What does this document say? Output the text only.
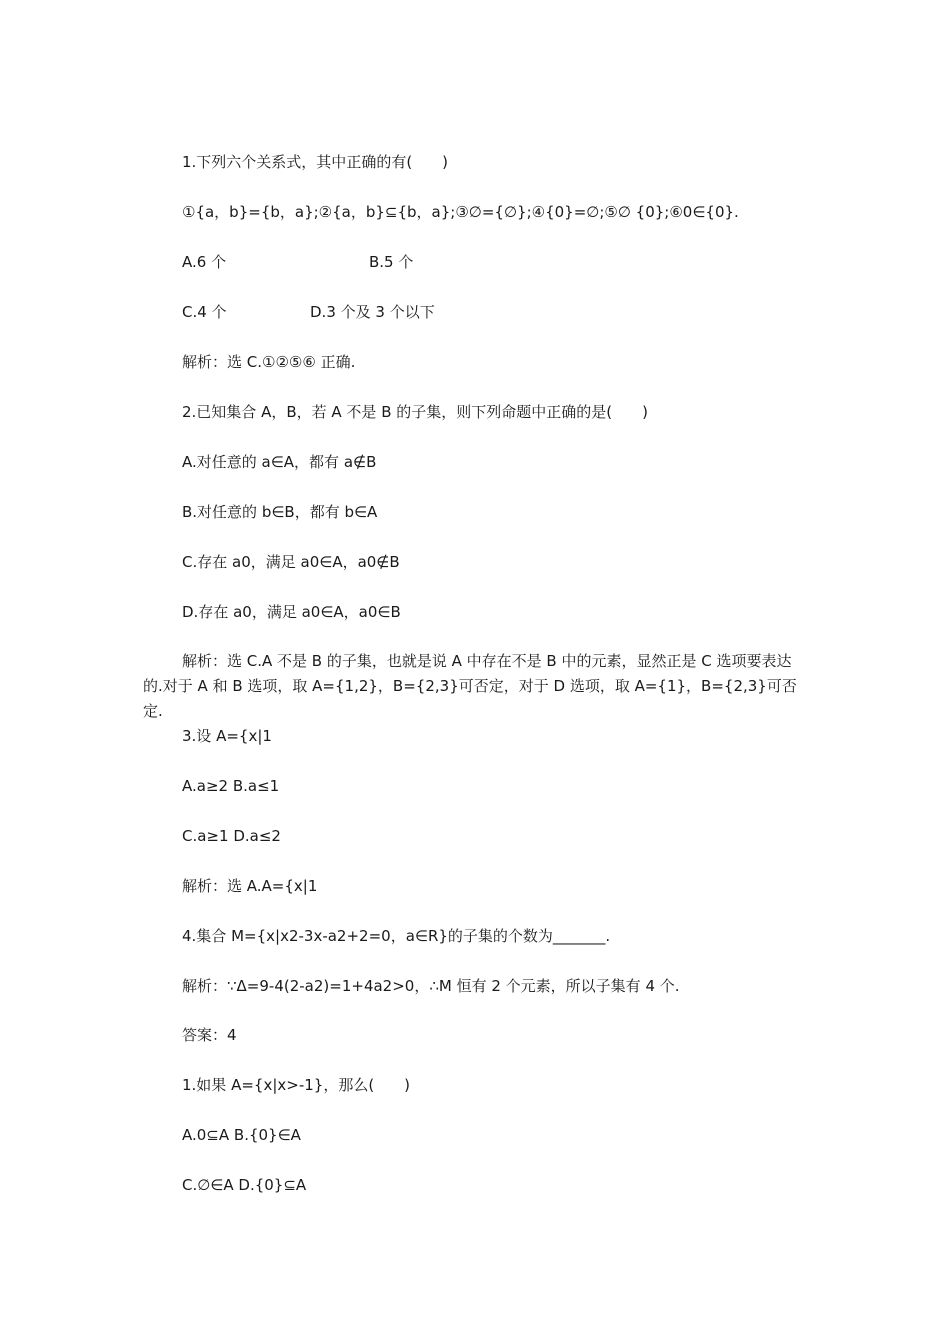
1.下列六个关系式，其中正确的有(　　)
①{a，b}={b，a};②{a，b}⊆{b，a};③∅={∅};④{0}=∅;⑤∅ {0};⑥0∈{0}.
A.6 个	B.5 个
C.4 个	D.3 个及 3 个以下
解析：选 C.①②⑤⑥ 正确.
2.已知集合 A，B，若 A 不是 B 的子集，则下列命题中正确的是(　　)
A.对任意的 a∈A，都有 a∉B
B.对任意的 b∈B，都有 b∈A
C.存在 a0，满足 a0∈A，a0∉B
D.存在 a0，满足 a0∈A，a0∈B
解析：选 C.A 不是 B 的子集，也就是说 A 中存在不是 B 中的元素，显然正是 C 选项要表达的.对于 A 和 B 选项，取 A={1,2}，B={2,3}可否定，对于 D 选项，取 A={1}，B={2,3}可否定.
3.设 A={x|1
A.a≥2 B.a≤1
C.a≥1 D.a≤2
解析：选 A.A={x|1
4.集合 M={x|x2-3x-a2+2=0，a∈R}的子集的个数为_______.
解析：∵Δ=9-4(2-a2)=1+4a2>0，∴M 恒有 2 个元素，所以子集有 4 个.
答案：4
1.如果 A={x|x>-1}，那么(　　)
A.0⊆A B.{0}∈A
C.∅∈A D.{0}⊆A
